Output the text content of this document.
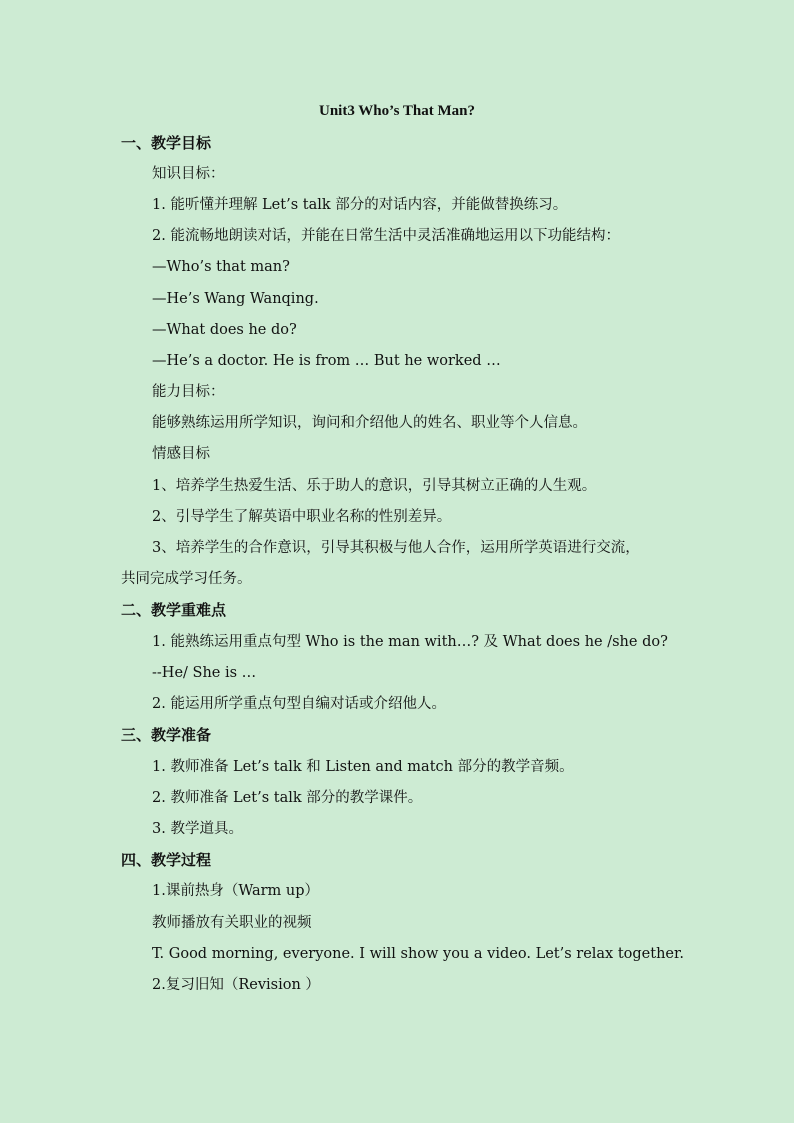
Unit3 Who’s That Man?
一、教学目标
知识目标：
1. 能听懂并理解 Let’s talk 部分的对话内容，并能做替换练习。
2. 能流畅地朗读对话，并能在日常生活中灵活准确地运用以下功能结构：
—Who’s that man?
—He’s Wang Wanqing.
—What does he do?
—He’s a doctor. He is from … But he worked …
能力目标：
能够熟练运用所学知识，询问和介绍他人的姓名、职业等个人信息。
情感目标
1、培养学生热爱生活、乐于助人的意识，引导其树立正确的人生观。
2、引导学生了解英语中职业名称的性别差异。
3、培养学生的合作意识，引导其积极与他人合作，运用所学英语进行交流，
共同完成学习任务。
二、教学重难点
1. 能熟练运用重点句型 Who is the man with…? 及 What does he /she do?
--He/ She is …
2. 能运用所学重点句型自编对话或介绍他人。
三、教学准备
1. 教师准备 Let’s talk 和 Listen and match 部分的教学音频。
2. 教师准备 Let’s talk 部分的教学课件。
3. 教学道具。
四、教学过程
1.课前热身（Warm up）
教师播放有关职业的视频
T. Good morning, everyone. I will show you a video. Let’s relax together.
2.复习旧知（Revision ）
